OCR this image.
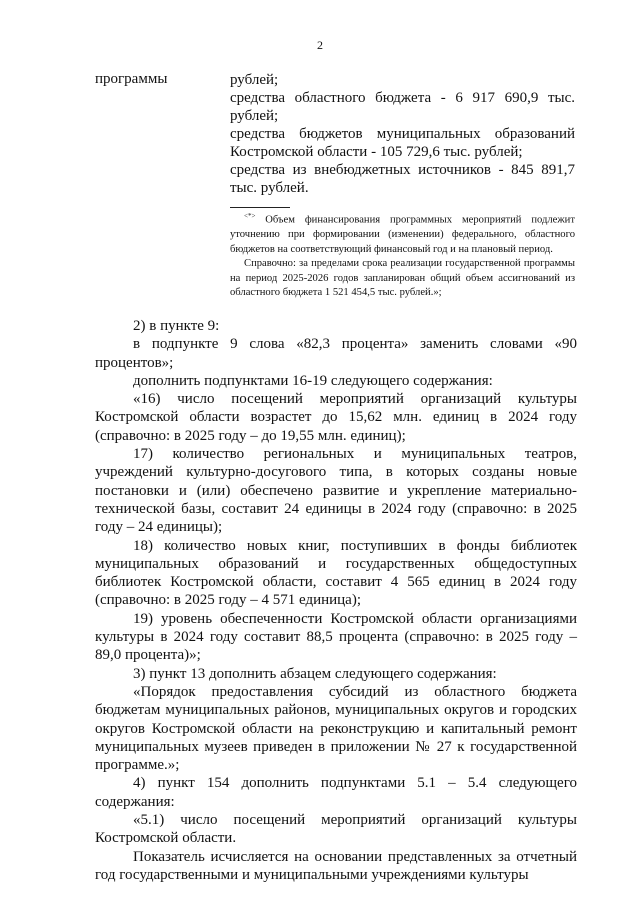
2
программы	рублей;

средства областного бюджета - 6 917 690,9 тыс. рублей;

средства бюджетов муниципальных образований Костромской области - 105 729,6 тыс. рублей;

средства из внебюджетных источников - 845 891,7 тыс. рублей.

<*> Объем финансирования программных мероприятий подлежит уточнению при формировании (изменении) федерального, областного бюджетов на соответствующий финансовый год и на плановый период.

Справочно: за пределами срока реализации государственной программы на период 2025-2026 годов запланирован общий объем ассигнований из областного бюджета 1 521 454,5 тыс. рублей.»;

2) в пункте 9:

в подпункте 9 слова «82,3 процента» заменить словами «90 процентов»;

дополнить подпунктами 16-19 следующего содержания:

«16) число посещений мероприятий организаций культуры Костромской области возрастет до 15,62 млн. единиц в 2024 году (справочно: в 2025 году – до 19,55 млн. единиц);

17) количество региональных и муниципальных театров, учреждений культурно-досугового типа, в которых созданы новые постановки и (или) обеспечено развитие и укрепление материально-технической базы, составит 24 единицы в 2024 году (справочно: в 2025 году – 24 единицы);

18) количество новых книг, поступивших в фонды библиотек муниципальных образований и государственных общедоступных библиотек Костромской области, составит 4 565 единиц в 2024 году (справочно: в 2025 году – 4 571 единица);

19) уровень обеспеченности Костромской области организациями культуры в 2024 году составит 88,5 процента (справочно: в 2025 году – 89,0 процента)»;

3) пункт 13 дополнить абзацем следующего содержания:

«Порядок предоставления субсидий из областного бюджета бюджетам муниципальных районов, муниципальных округов и городских округов Костромской области на реконструкцию и капитальный ремонт муниципальных музеев приведен в приложении № 27 к государственной программе.»;

4) пункт 154 дополнить подпунктами 5.1 – 5.4 следующего содержания:

«5.1) число посещений мероприятий организаций культуры Костромской области.

Показатель исчисляется на основании представленных за отчетный год государственными и муниципальными учреждениями культуры
